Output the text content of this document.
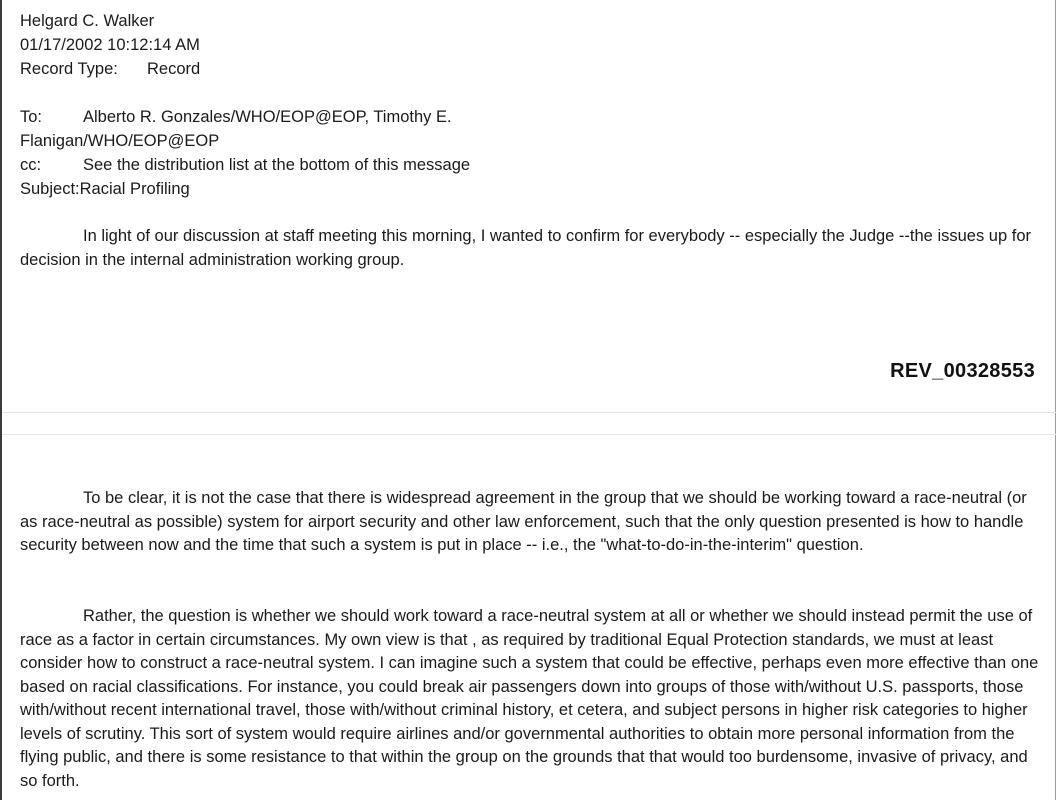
Helgard C. Walker
01/17/2002 10:12:14 AM
Record Type: Record
To: Alberto R. Gonzales/WHO/EOP@EOP, Timothy E.
Flanigan/WHO/EOP@EOP
cc:	See the distribution list at the bottom of this message
Subject:Racial Profiling

In light of our discussion at staff meeting this morning, I wanted to confirm for everybody -- especially the Judge --the issues up for decision in the internal administration working group.

REV_00328553

To be clear, it is not the case that there is widespread agreement in the group that we should be working toward a race-neutral (or as race-neutral as possible) system for airport security and other law enforcement, such that the only question presented is how to handle security between now and the time that such a system is put in place -- i.e., the "what-to-do-in-the-interim" question.

Rather, the question is whether we should work toward a race-neutral system at all or whether we should instead permit the use of race as a factor in certain circumstances. My own view is that , as required by traditional Equal Protection standards, we must at least consider how to construct a race-neutral system. I can imagine such a system that could be effective, perhaps even more effective than one based on racial classifications. For instance, you could break air passengers down into groups of those with/without U.S. passports, those with/without recent international travel, those with/without criminal history, et cetera, and subject persons in higher risk categories to higher levels of scrutiny. This sort of system would require airlines and/or governmental authorities to obtain more personal information from the flying public, and there is some resistance to that within the group on the grounds that that would too burdensome, invasive of privacy, and so forth.
